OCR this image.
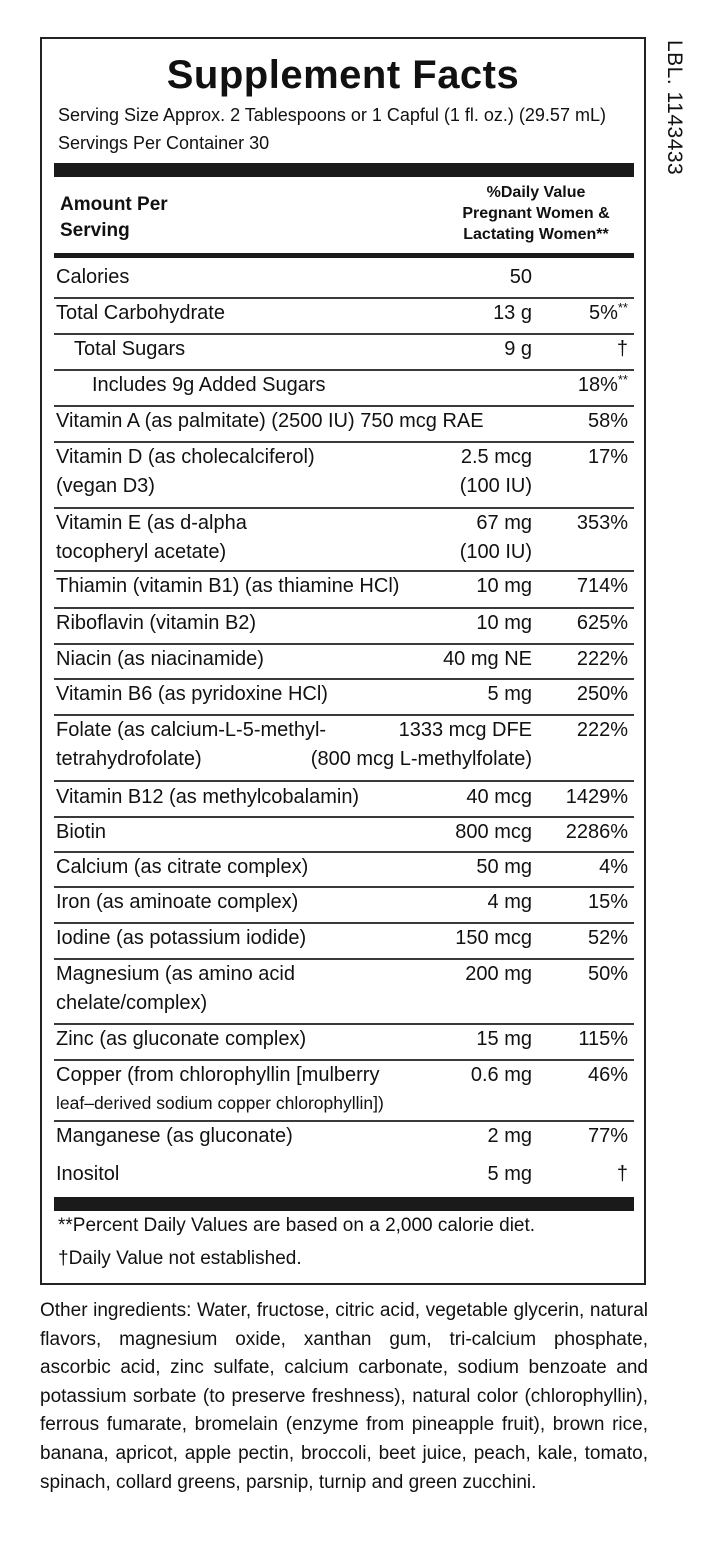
Supplement Facts
Serving Size Approx. 2 Tablespoons or 1 Capful (1 fl. oz.) (29.57 mL)
Servings Per Container 30
Amount Per
Serving
%Daily Value
Pregnant Women &
Lactating Women**
Calories	50
Total Carbohydrate	13 g	5%**
Total Sugars	9 g	†
Includes 9g Added Sugars	18%**
Vitamin A (as palmitate) (2500 IU) 750 mcg RAE	58%
Vitamin D (as cholecalciferol)	2.5 mcg	17%
(vegan D3)	(100 IU)
Vitamin E (as d-alpha	67 mg 353%
tocopheryl acetate)	(100 IU)
Thiamin (vitamin B1) (as thiamine HCl)	10 mg 714%
Riboflavin (vitamin B2)	10 mg 625%
Niacin (as niacinamide)	40 mg NE 222%
Vitamin B6 (as pyridoxine HCl)	5 mg 250%
Folate (as calcium-L-5-methyl-	1333 mcg DFE 222%
tetrahydrofolate)	(800 mcg L-methylfolate)
Vitamin B12 (as methylcobalamin)	40 mcg 1429%
Biotin	800 mcg 2286%
Calcium (as citrate complex)	50 mg	4%
Iron (as aminoate complex)	4 mg	15%
Iodine (as potassium iodide)	150 mcg	52%
Magnesium (as amino acid	200 mg	50%
chelate/complex)
Zinc (as gluconate complex)	15 mg 115%
Copper (from chlorophyllin [mulberry	0.6 mg	46%
leaf–derived sodium copper chlorophyllin])
Manganese (as gluconate)	2 mg	77%
Inositol	5 mg	†
**Percent Daily Values are based on a 2,000 calorie diet.
†Daily Value not established.
Other ingredients: Water, fructose, citric acid, vegetable glycerin, natural flavors, magnesium oxide, xanthan gum, tri-calcium phosphate, ascorbic acid, zinc sulfate, calcium carbonate, sodium benzoate and potassium sorbate (to preserve freshness), natural color (chlorophyllin), ferrous fumarate, bromelain (enzyme from pineapple fruit), brown rice, banana, apricot, apple pectin, broccoli, beet juice, peach, kale, tomato, spinach, collard greens, parsnip, turnip and green zucchini.
LBL. 1143433
